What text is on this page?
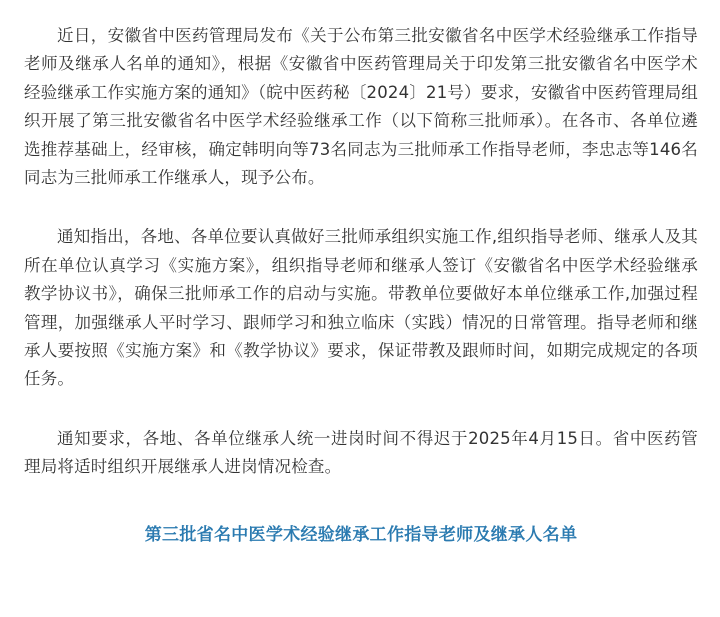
近日，安徽省中医药管理局发布《关于公布第三批安徽省名中医学术经验继承工作指导老师及继承人名单的通知》，根据《安徽省中医药管理局关于印发第三批安徽省名中医学术经验继承工作实施方案的通知》（皖中医药秘〔2024〕21号）要求，安徽省中医药管理局组织开展了第三批安徽省名中医学术经验继承工作（以下简称三批师承）。在各市、各单位遴选推荐基础上，经审核，确定韩明向等73名同志为三批师承工作指导老师，李忠志等146名同志为三批师承工作继承人，现予公布。

通知指出，各地、各单位要认真做好三批师承组织实施工作,组织指导老师、继承人及其所在单位认真学习《实施方案》，组织指导老师和继承人签订《安徽省名中医学术经验继承教学协议书》，确保三批师承工作的启动与实施。带教单位要做好本单位继承工作,加强过程管理，加强继承人平时学习、跟师学习和独立临床（实践）情况的日常管理。指导老师和继承人要按照《实施方案》和《教学协议》要求，保证带教及跟师时间，如期完成规定的各项任务。

通知要求，各地、各单位继承人统一进岗时间不得迟于2025年4月15日。省中医药管理局将适时组织开展继承人进岗情况检查。

第三批省名中医学术经验继承工作指导老师及继承人名单
